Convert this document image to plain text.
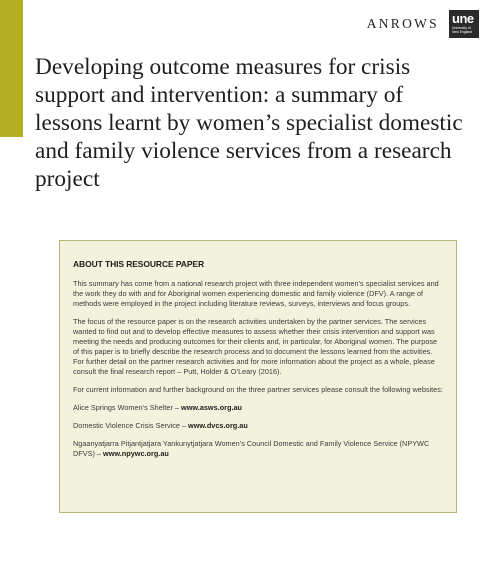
ANROWS une
University of New England
Developing outcome measures for crisis support and intervention: a summary of lessons learnt by women’s specialist domestic and family violence services from a research project
ABOUT THIS RESOURCE PAPER

This summary has come from a national research project with three independent women’s specialist services and the work they do with and for Aboriginal women experiencing domestic and family violence (DFV). A range of methods were employed in the project including literature reviews, surveys, interviews and focus groups.

The focus of the resource paper is on the research activities undertaken by the partner services. The services wanted to find out and to develop effective measures to assess whether their crisis intervention and support was meeting the needs and producing outcomes for their clients and, in particular, for Aboriginal women. The purpose of this paper is to briefly describe the research process and to document the lessons learned from the activities. For further detail on the partner research activities and for more information about the project as a whole, please consult the final research report – Putt, Holder & O’Leary (2016).

For current information and further background on the three partner services please consult the following websites:

Alice Springs Women’s Shelter – www.asws.org.au

Domestic Violence Crisis Service – www.dvcs.org.au

Ngaanyatjarra Pitjantjatjara Yankunytjatjara Women’s Council Domestic and Family Violence Service (NPYWC DFVS) – www.npywc.org.au
